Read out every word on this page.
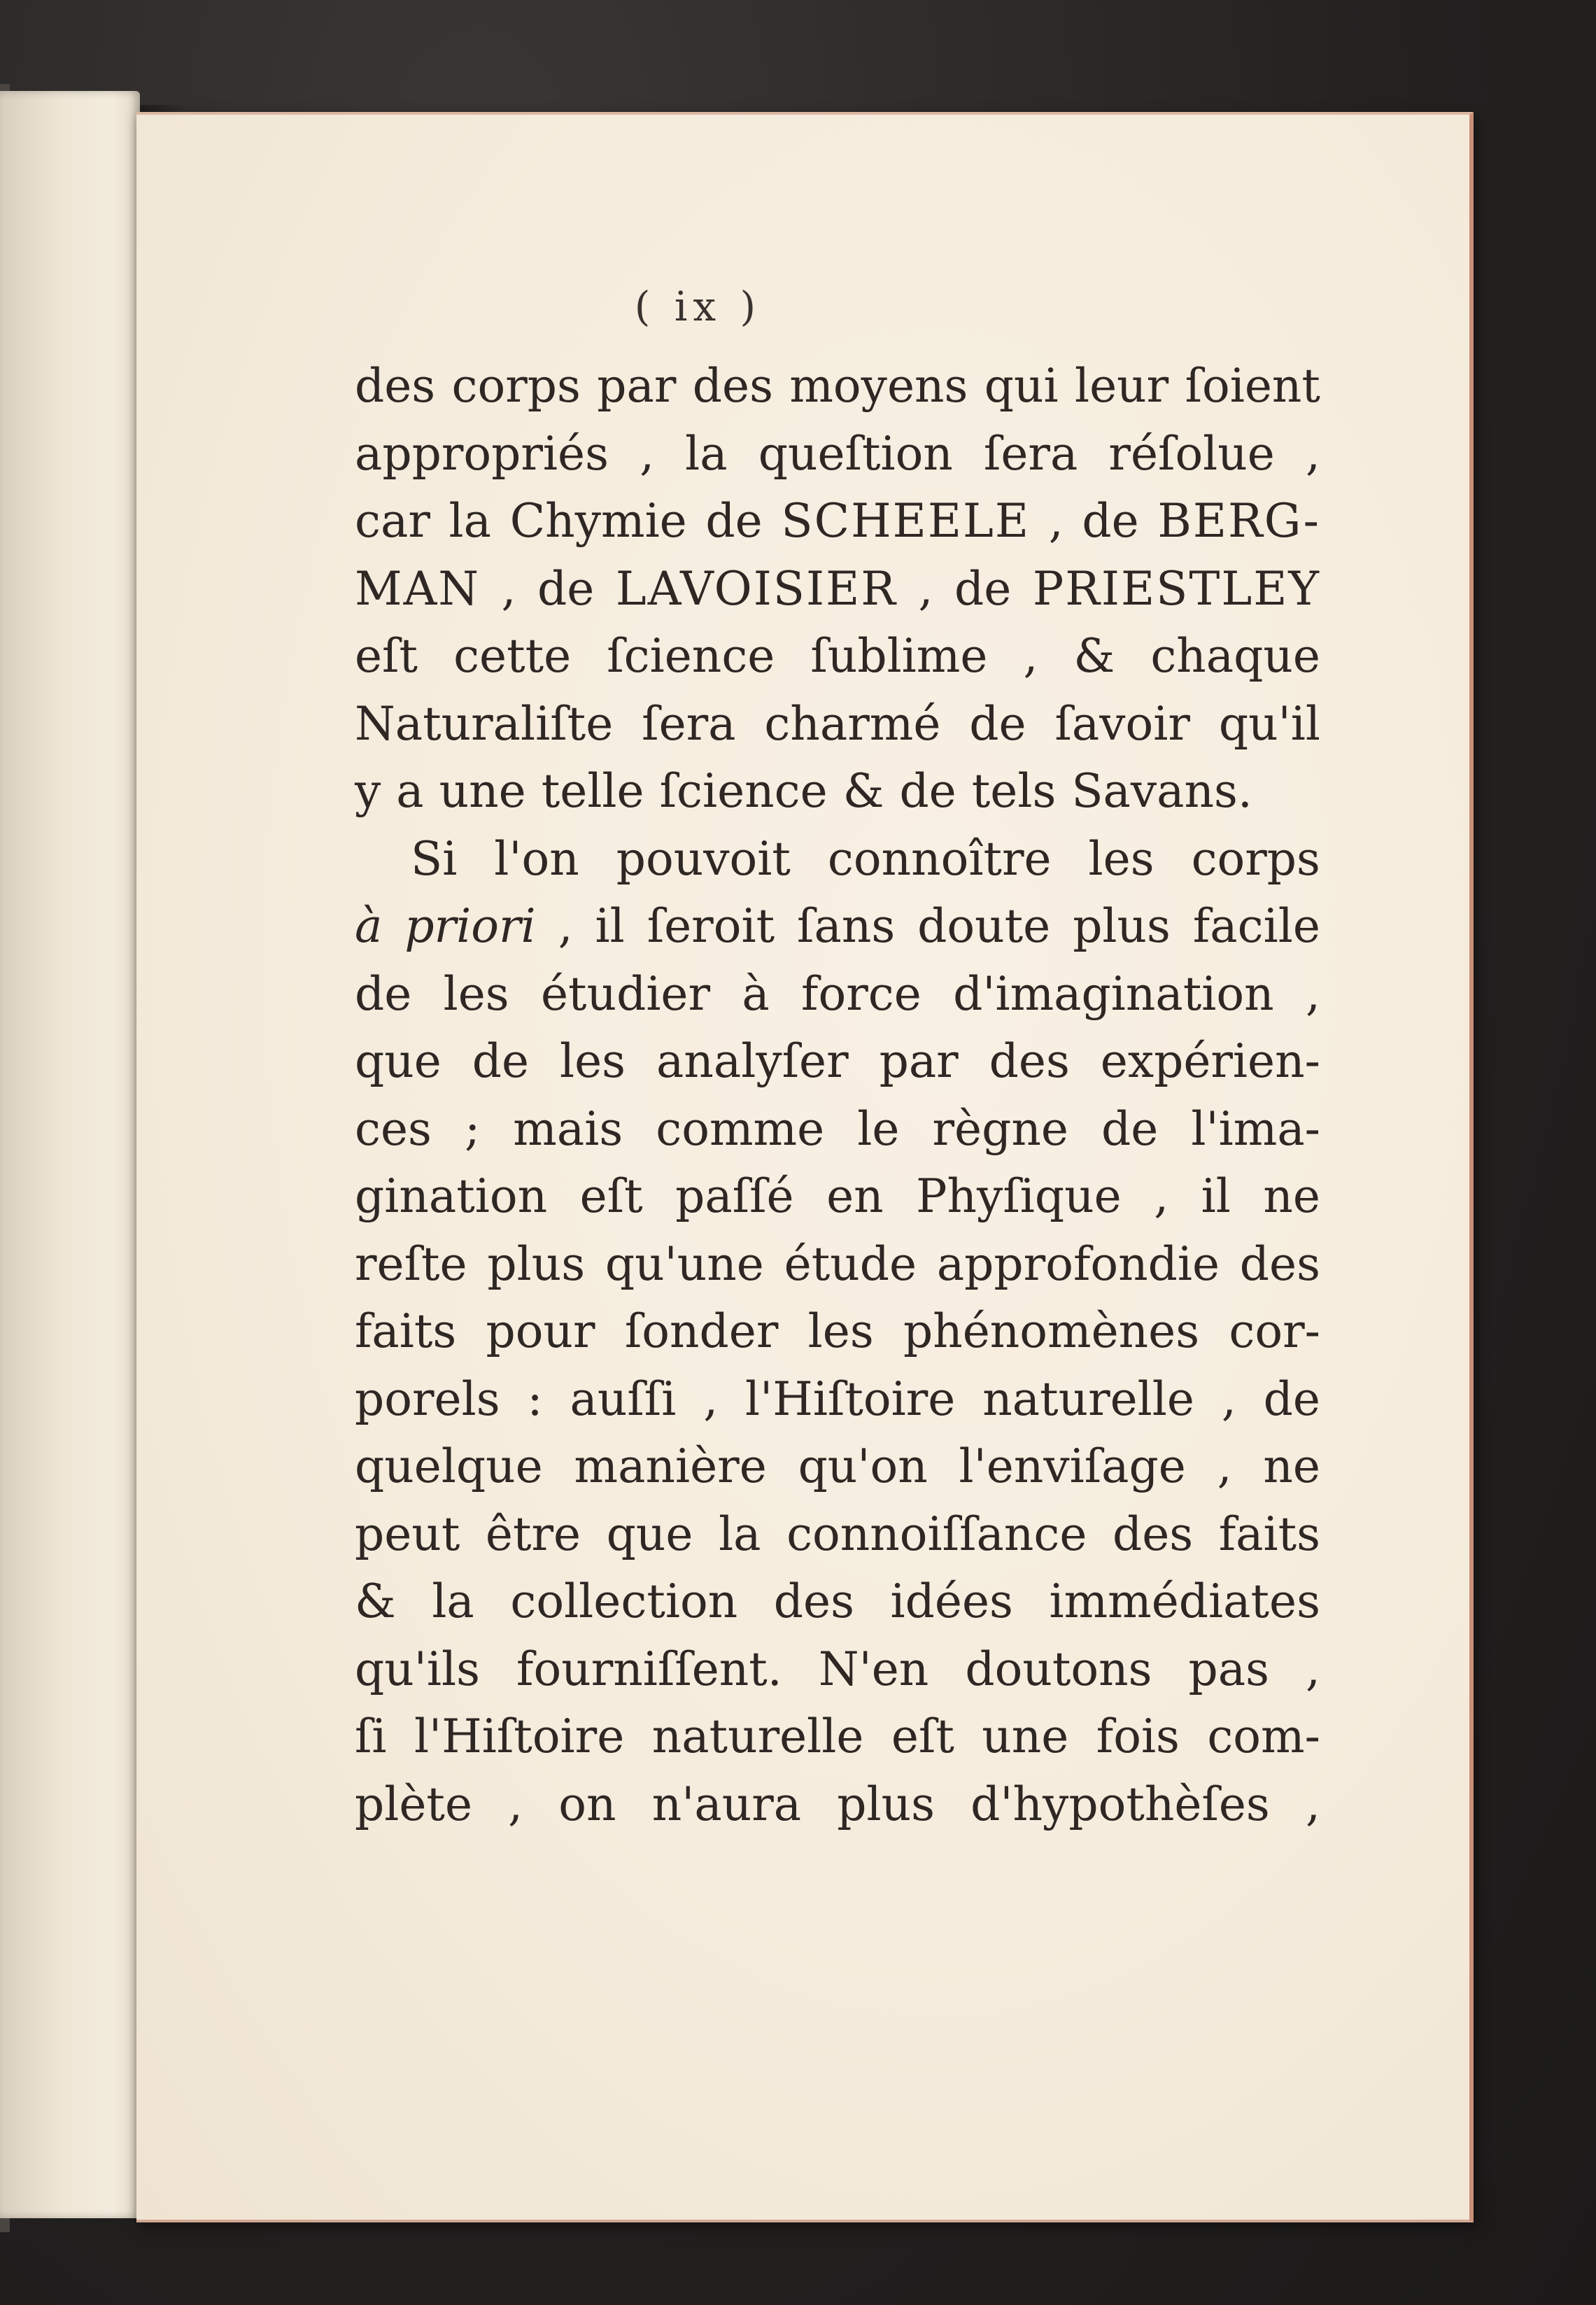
( ix )
des corps par des moyens qui leur ſoient
appropriés , la queſtion ſera réſolue ,
car la Chymie de SCHEELE , de BERG-
MAN , de LAVOISIER , de PRIESTLEY
eſt cette ſcience ſublime , & chaque
Naturaliſte ſera charmé de ſavoir qu'il
y a une telle ſcience & de tels Savans.
Si l'on pouvoit connoître les corps
à priori , il ſeroit ſans doute plus facile
de les étudier à force d'imagination ,
que de les analyſer par des expérien-
ces ; mais comme le règne de l'ima-
gination eſt paſſé en Phyſique , il ne
reſte plus qu'une étude approfondie des
faits pour ſonder les phénomènes cor-
porels : auſſi , l'Hiſtoire naturelle , de
quelque manière qu'on l'enviſage , ne
peut être que la connoiſſance des faits
& la collection des idées immédiates
qu'ils fourniſſent. N'en doutons pas ,
ſi l'Hiſtoire naturelle eſt une fois com-
plète , on n'aura plus d'hypothèſes ,
